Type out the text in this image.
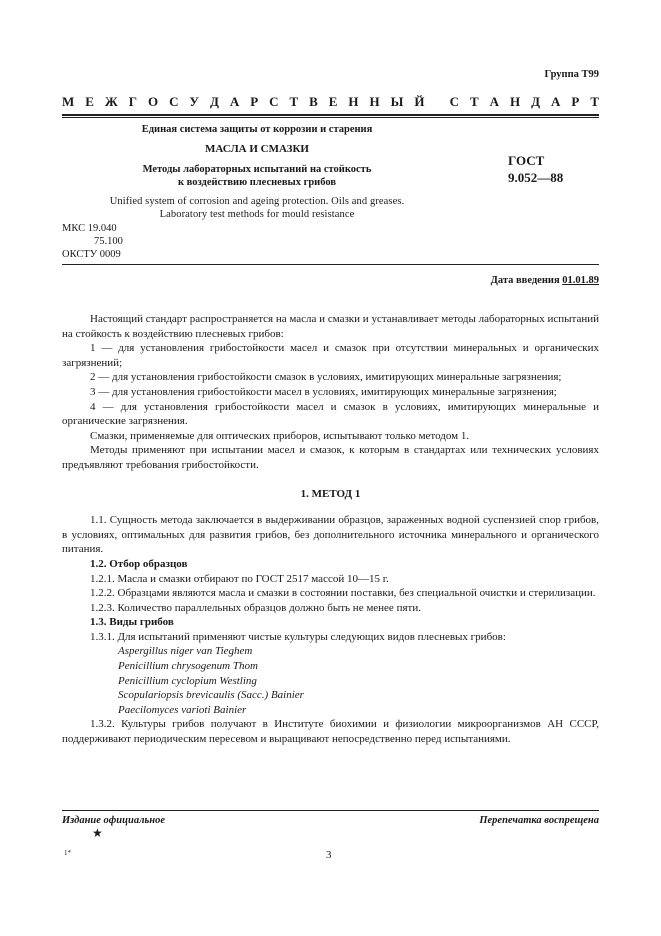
Группа Т99
М Е Ж Г О С У Д А Р С Т В Е Н Н Ы Й
С Т А Н Д А Р Т
Единая система защиты от коррозии и старения
МАСЛА И СМАЗКИ
Методы лабораторных испытаний на стойкость
к воздействию плесневых грибов
Unified system of corrosion and ageing protection. Oils and greases.
Laboratory test methods for mould resistance
ГОСТ
9.052—88
МКС 19.040
75.100
ОКСТУ 0009
Дата введения 01.01.89

Настоящий стандарт распространяется на масла и смазки и устанавливает методы лабораторных испытаний на стойкость к воздействию плесневых грибов:

1 — для установления грибостойкости масел и смазок при отсутствии минеральных и органических загрязнений;

2 — для установления грибостойкости смазок в условиях, имитирующих минеральные загрязнения;

3 — для установления грибостойкости масел в условиях, имитирующих минеральные загрязнения;

4 — для установления грибостойкости масел и смазок в условиях, имитирующих минеральные и органические загрязнения.

Смазки, применяемые для оптических приборов, испытывают только методом 1.

Методы применяют при испытании масел и смазок, к которым в стандартах или технических условиях предъявляют требования грибостойкости.

1. МЕТОД 1

1.1. Сущность метода заключается в выдерживании образцов, зараженных водной суспензией спор грибов, в условиях, оптимальных для развития грибов, без дополнительного источника минерального и органического питания.

1.2. Отбор образцов

1.2.1. Масла и смазки отбирают по ГОСТ 2517 массой 10—15 г.

1.2.2. Образцами являются масла и смазки в состоянии поставки, без специальной очистки и стерилизации.

1.2.3. Количество параллельных образцов должно быть не менее пяти.

1.3. Виды грибов

1.3.1. Для испытаний применяют чистые культуры следующих видов плесневых грибов:

Aspergillus niger van Tieghem

Penicillium chrysogenum Thom

Penicillium cyclopium Westling

Scopulariopsis brevicaulis (Sacc.) Bainier

Paecilomyces varioti Bainier

1.3.2. Культуры грибов получают в Институте биохимии и физиологии микроорганизмов АН СССР, поддерживают периодическим пересевом и выращивают непосредственно перед испытаниями.

Издание официальное	Перепечатка воспрещена
★
1*	3
